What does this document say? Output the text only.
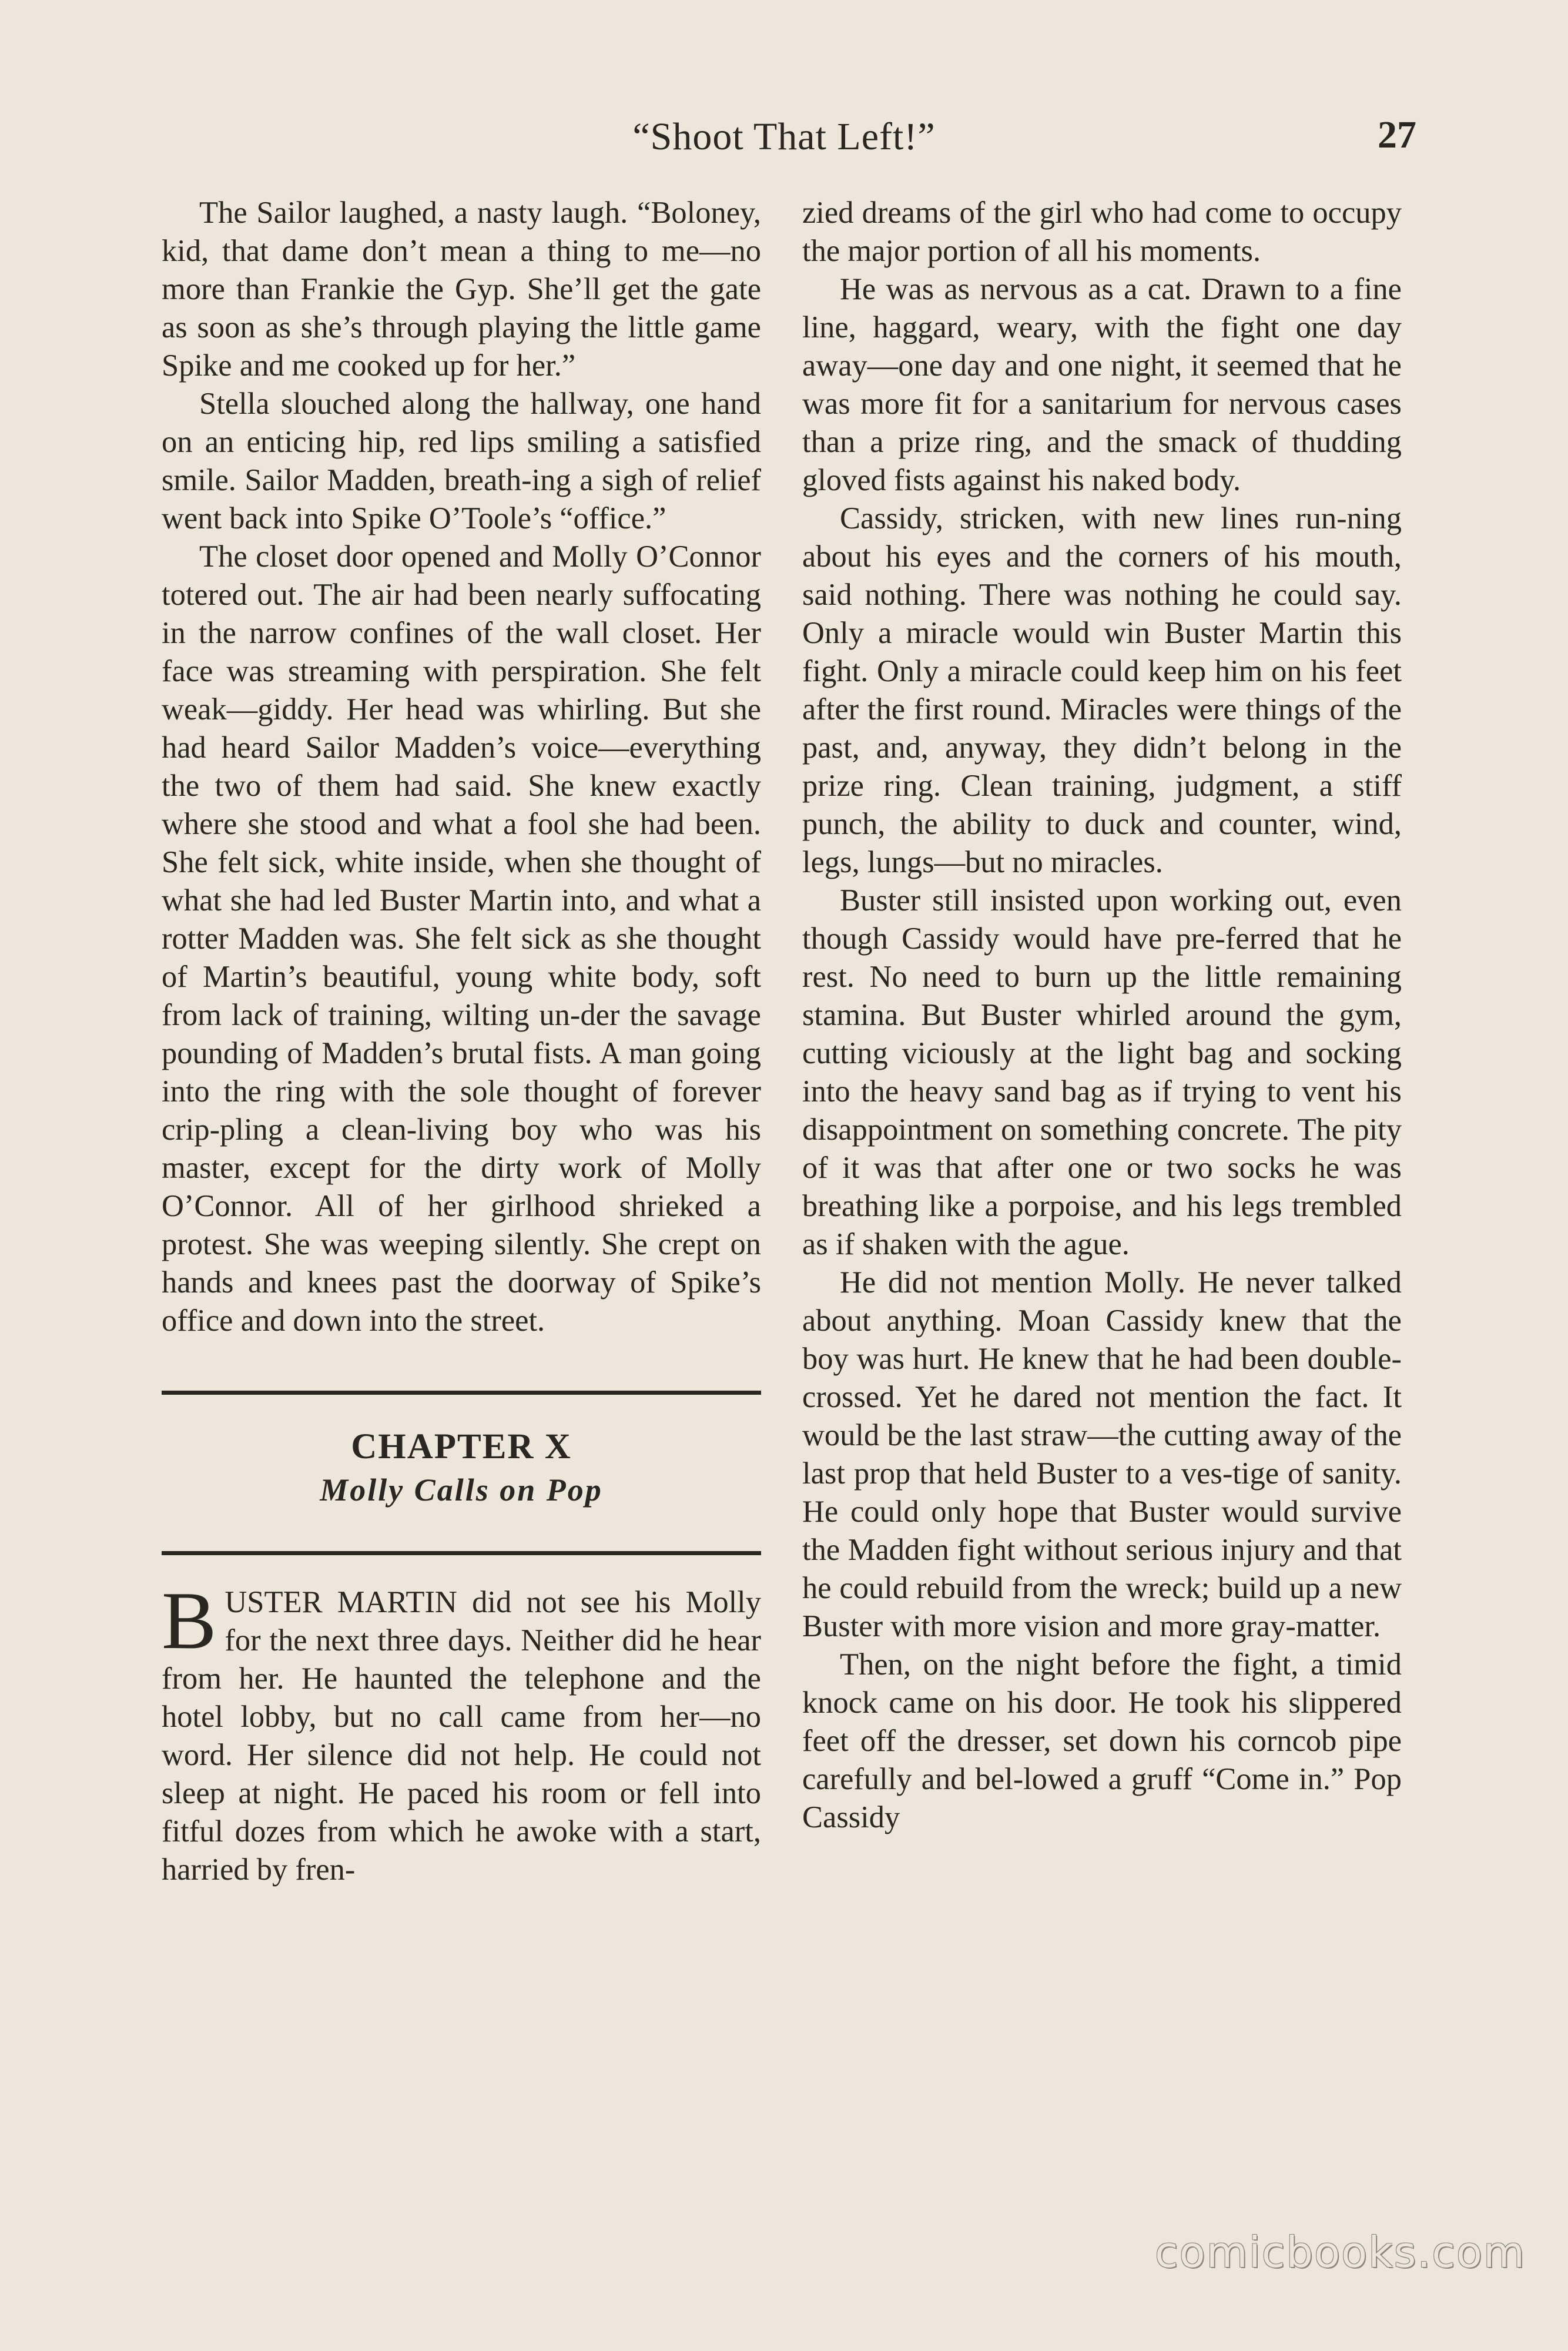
“Shoot That Left!”	27

The Sailor laughed, a nasty laugh. “Boloney, kid, that dame don’t mean a thing to me—no more than Frankie the Gyp. She’ll get the gate as soon as she’s through playing the little game Spike and me cooked up for her.”

Stella slouched along the hallway, one hand on an enticing hip, red lips smiling a satisfied smile. Sailor Madden, breath-ing a sigh of relief went back into Spike O’Toole’s “office.”

The closet door opened and Molly O’Connor totered out. The air had been nearly suffocating in the narrow confines of the wall closet. Her face was streaming with perspiration. She felt weak—giddy. Her head was whirling. But she had heard Sailor Madden’s voice—everything the two of them had said. She knew exactly where she stood and what a fool she had been. She felt sick, white inside, when she thought of what she had led Buster Martin into, and what a rotter Madden was. She felt sick as she thought of Martin’s beautiful, young white body, soft from lack of training, wilting un-der the savage pounding of Madden’s brutal fists. A man going into the ring with the sole thought of forever crip-pling a clean-living boy who was his master, except for the dirty work of Molly O’Connor. All of her girlhood shrieked a protest. She was weeping silently. She crept on hands and knees past the doorway of Spike’s office and down into the street.

CHAPTER X
Molly Calls on Pop

BUSTER MARTIN did not see his Molly for the next three days. Neither did he hear from her. He haunted the telephone and the hotel lobby, but no call came from her—no word. Her silence did not help. He could not sleep at night. He paced his room or fell into fitful dozes from which he awoke with a start, harried by fren-

zied dreams of the girl who had come to occupy the major portion of all his moments.

He was as nervous as a cat. Drawn to a fine line, haggard, weary, with the fight one day away—one day and one night, it seemed that he was more fit for a sanitarium for nervous cases than a prize ring, and the smack of thudding gloved fists against his naked body.

Cassidy, stricken, with new lines run-ning about his eyes and the corners of his mouth, said nothing. There was nothing he could say. Only a miracle would win Buster Martin this fight. Only a miracle could keep him on his feet after the first round. Miracles were things of the past, and, anyway, they didn’t belong in the prize ring. Clean training, judgment, a stiff punch, the ability to duck and counter, wind, legs, lungs—but no miracles.

Buster still insisted upon working out, even though Cassidy would have pre-ferred that he rest. No need to burn up the little remaining stamina. But Buster whirled around the gym, cutting viciously at the light bag and socking into the heavy sand bag as if trying to vent his disappointment on something concrete. The pity of it was that after one or two socks he was breathing like a porpoise, and his legs trembled as if shaken with the ague.

He did not mention Molly. He never talked about anything. Moan Cassidy knew that the boy was hurt. He knew that he had been double-crossed. Yet he dared not mention the fact. It would be the last straw—the cutting away of the last prop that held Buster to a ves-tige of sanity. He could only hope that Buster would survive the Madden fight without serious injury and that he could rebuild from the wreck; build up a new Buster with more vision and more gray-matter.

Then, on the night before the fight, a timid knock came on his door. He took his slippered feet off the dresser, set down his corncob pipe carefully and bel-lowed a gruff “Come in.” Pop Cassidy

comicbooks.com
